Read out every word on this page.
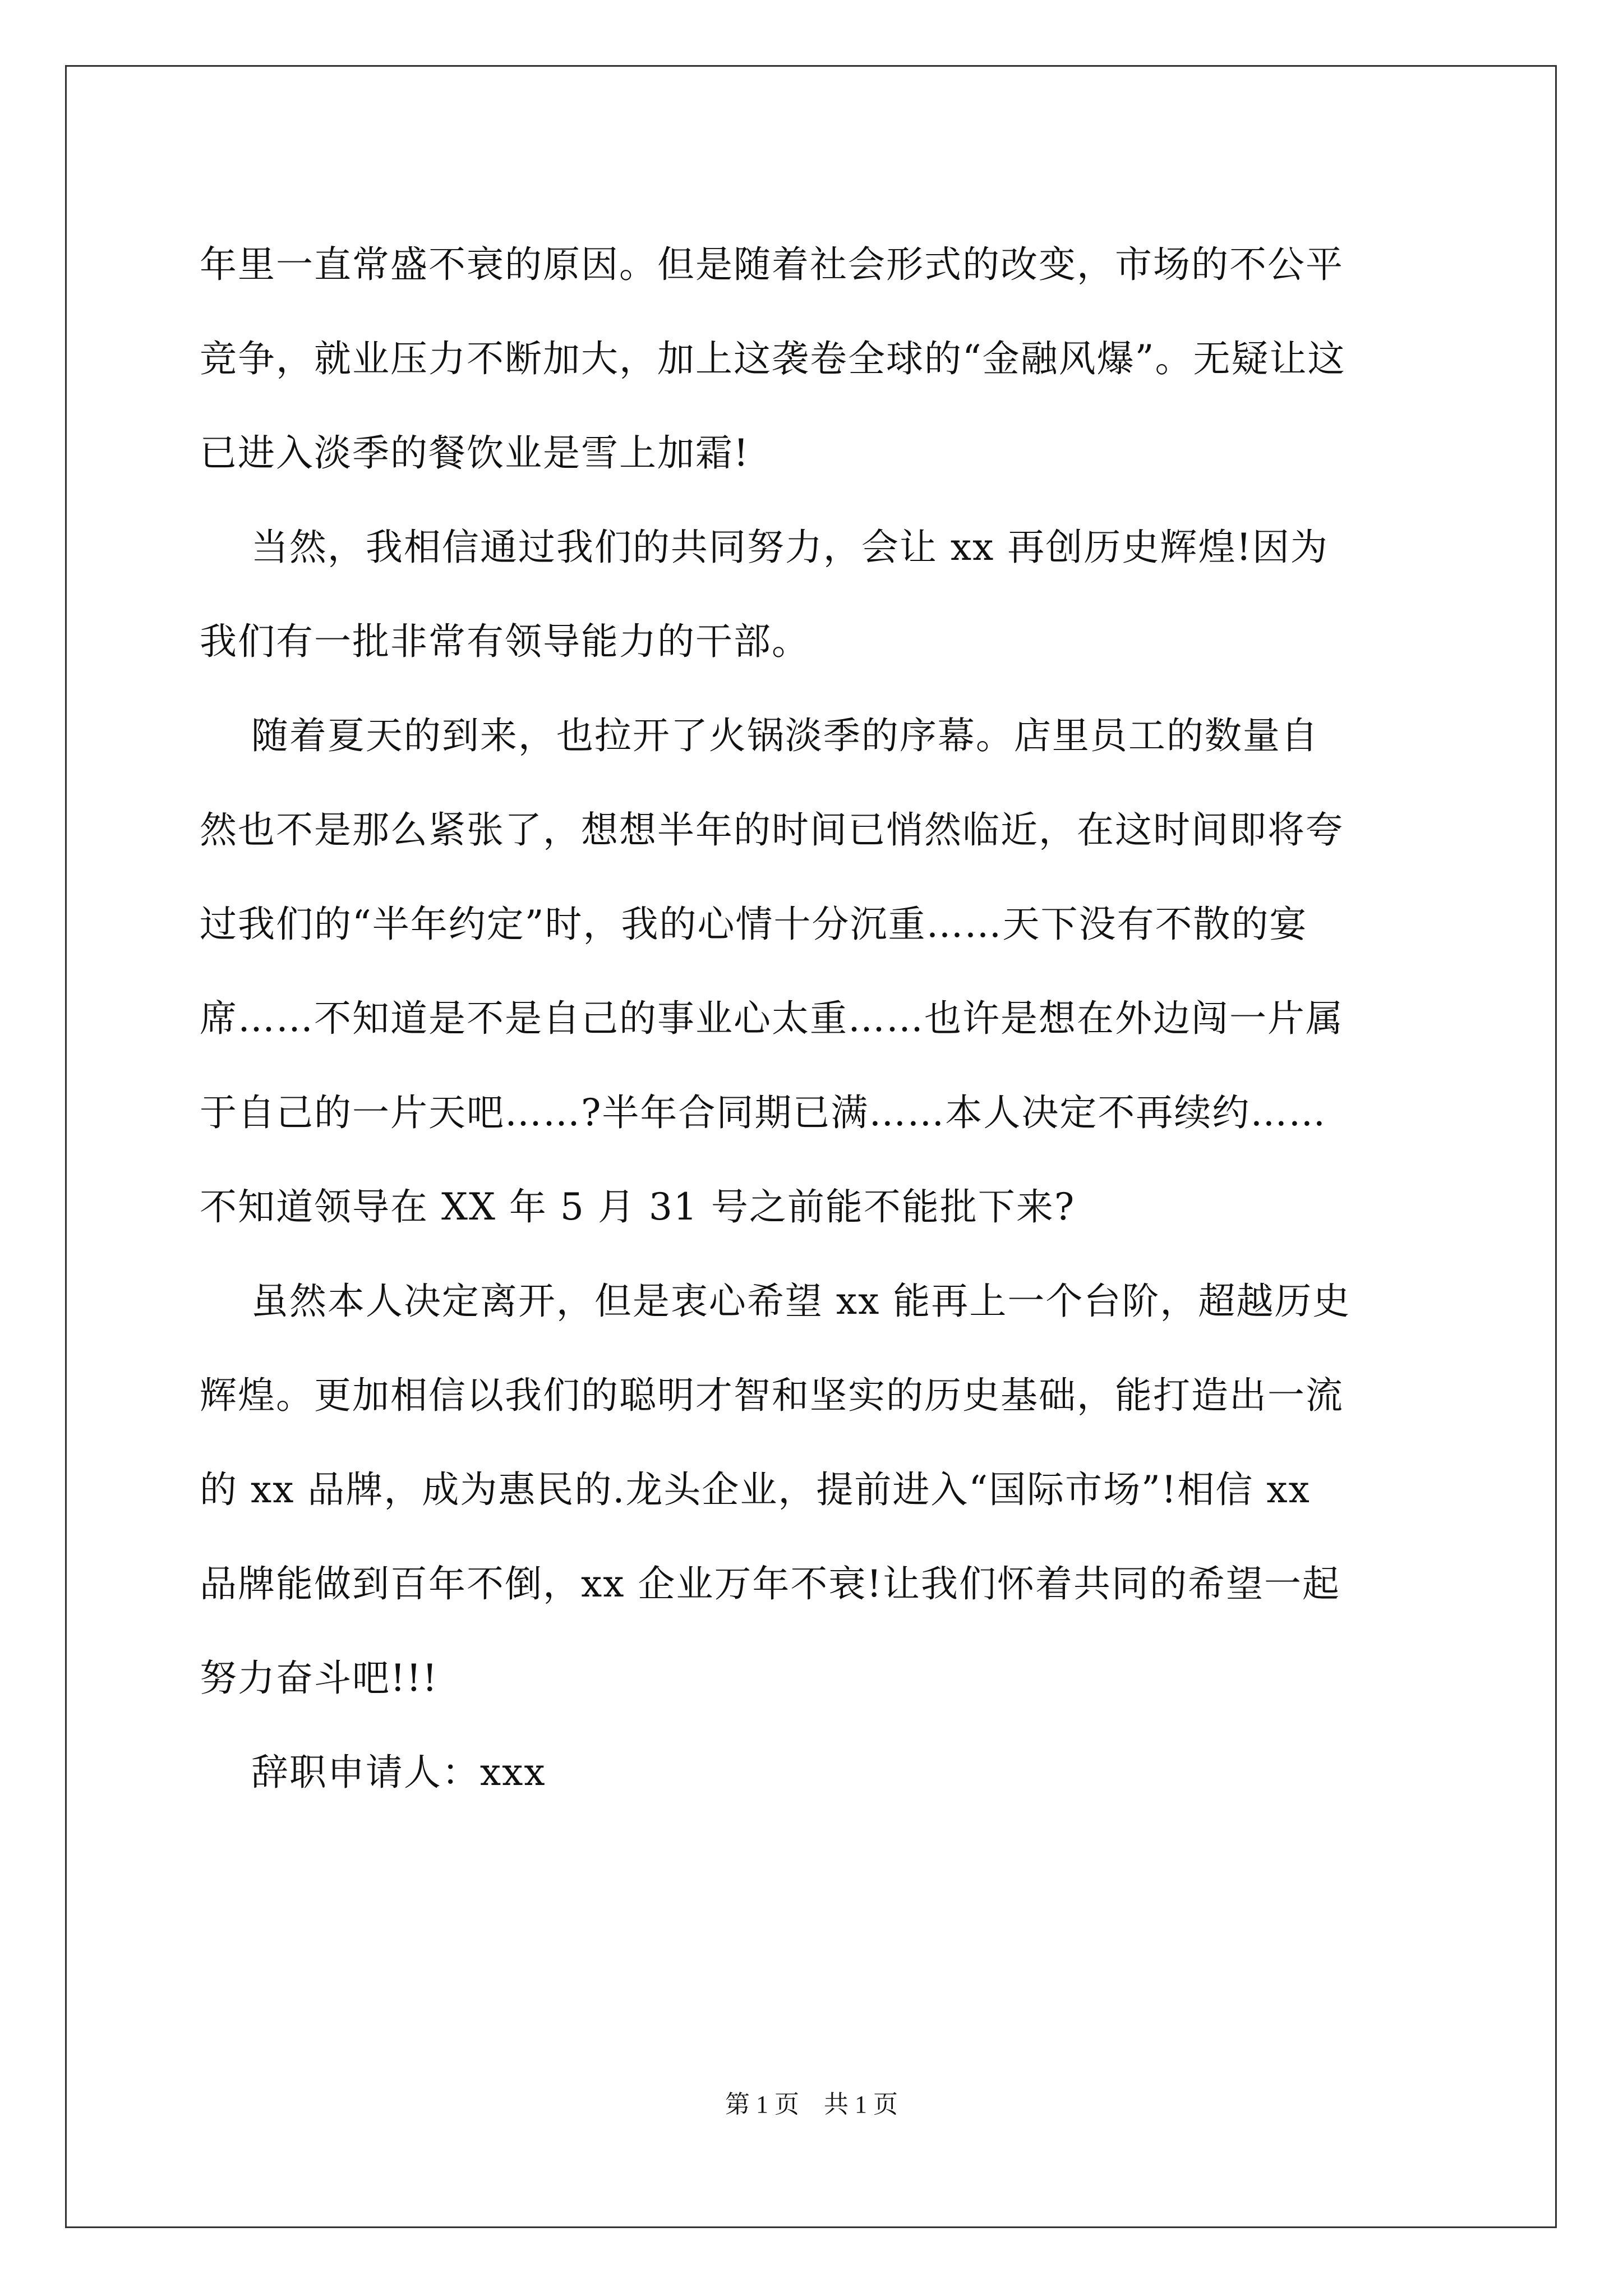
年里一直常盛不衰的原因。但是随着社会形式的改变，市场的不公平
竞争，就业压力不断加大，加上这袭卷全球的“金融风爆”。无疑让这
已进入淡季的餐饮业是雪上加霜!
当然，我相信通过我们的共同努力，会让 xx 再创历史辉煌!因为
我们有一批非常有领导能力的干部。
随着夏天的到来，也拉开了火锅淡季的序幕。店里员工的数量自
然也不是那么紧张了，想想半年的时间已悄然临近，在这时间即将夸
过我们的“半年约定”时，我的心情十分沉重……天下没有不散的宴
席……不知道是不是自己的事业心太重……也许是想在外边闯一片属
于自己的一片天吧……?半年合同期已满……本人决定不再续约……
不知道领导在 XX 年 5 月 31 号之前能不能批下来?
虽然本人决定离开，但是衷心希望 xx 能再上一个台阶，超越历史
辉煌。更加相信以我们的聪明才智和坚实的历史基础，能打造出一流
的 xx 品牌，成为惠民的.龙头企业，提前进入“国际市场”!相信 xx
品牌能做到百年不倒，xx 企业万年不衰!让我们怀着共同的希望一起
努力奋斗吧!!!
辞职申请人：xxx
第 1 页 共 1 页
